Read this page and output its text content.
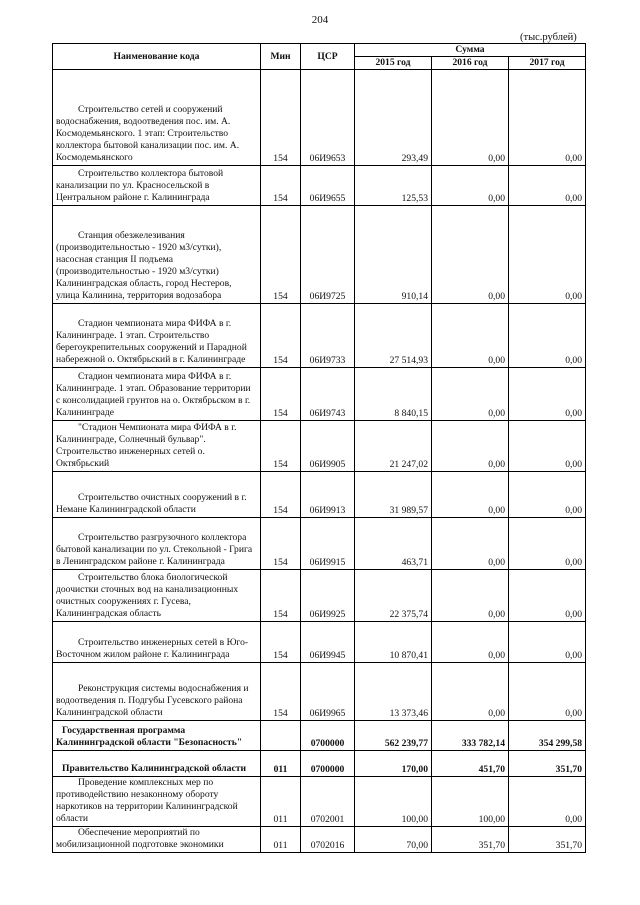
204
(тыс.рублей)
Наименование кода	Мин	ЦСР	Сумма		
			2015 год	2016 год	2017 год
Строительство сетей и сооружений водоснабжения, водоотведения пос. им. А. Космодемьянского. 1 этап: Строительство коллектора бытовой канализации пос. им. А. Космодемьянского	154	06И9653	293,49	0,00	0,00
Строительство коллектора бытовой канализации по ул. Красносельской в Центральном районе г. Калининграда	154	06И9655	125,53	0,00	0,00
Станция обезжелезивания (производительностью - 1920 м3/сутки), насосная станция II подъема (производительностью - 1920 м3/сутки) Калининградская область, город Нестеров, улица Калинина, территория водозабора	154	06И9725	910,14	0,00	0,00
Стадион чемпионата мира ФИФА в г. Калининграде. 1 этап. Строительство берегоукрепительных сооружений и Парадной набережной о. Октябрьский в г. Калининграде	154	06И9733	27 514,93	0,00	0,00
Стадион чемпионата мира ФИФА в г. Калининграде. 1 этап. Образование территории с консолидацией грунтов на о. Октябрьском в г. Калининграде	154	06И9743	8 840,15	0,00	0,00
"Стадион Чемпионата мира ФИФА в г. Калининграде, Солнечный бульвар". Строительство инженерных сетей о. Октябрьский	154	06И9905	21 247,02	0,00	0,00
Строительство очистных сооружений в г. Немане Калининградской области	154	06И9913	31 989,57	0,00	0,00
Строительство разгрузочного коллектора бытовой канализации по ул. Стекольной - Грига в Ленинградском районе г. Калининграда	154	06И9915	463,71	0,00	0,00
Строительство блока биологической доочистки сточных вод на канализационных очистных сооружениях г. Гусева, Калининградская область	154	06И9925	22 375,74	0,00	0,00
Строительство инженерных сетей в Юго-Восточном жилом районе г. Калининграда	154	06И9945	10 870,41	0,00	0,00
Реконструкция системы водоснабжения и водоотведения п. Подгубы Гусевского района Калининградской области	154	06И9965	13 373,46	0,00	0,00
Государственная программа Калининградской области "Безопасность"		0700000	562 239,77	333 782,14	354 299,58
Правительство Калининградской области	011	0700000	170,00	451,70	351,70
Проведение комплексных мер по противодействию незаконному обороту наркотиков на территории Калининградской области	011	0702001	100,00	100,00	0,00
Обеспечение мероприятий по мобилизационной подготовке экономики	011	0702016	70,00	351,70	351,70
